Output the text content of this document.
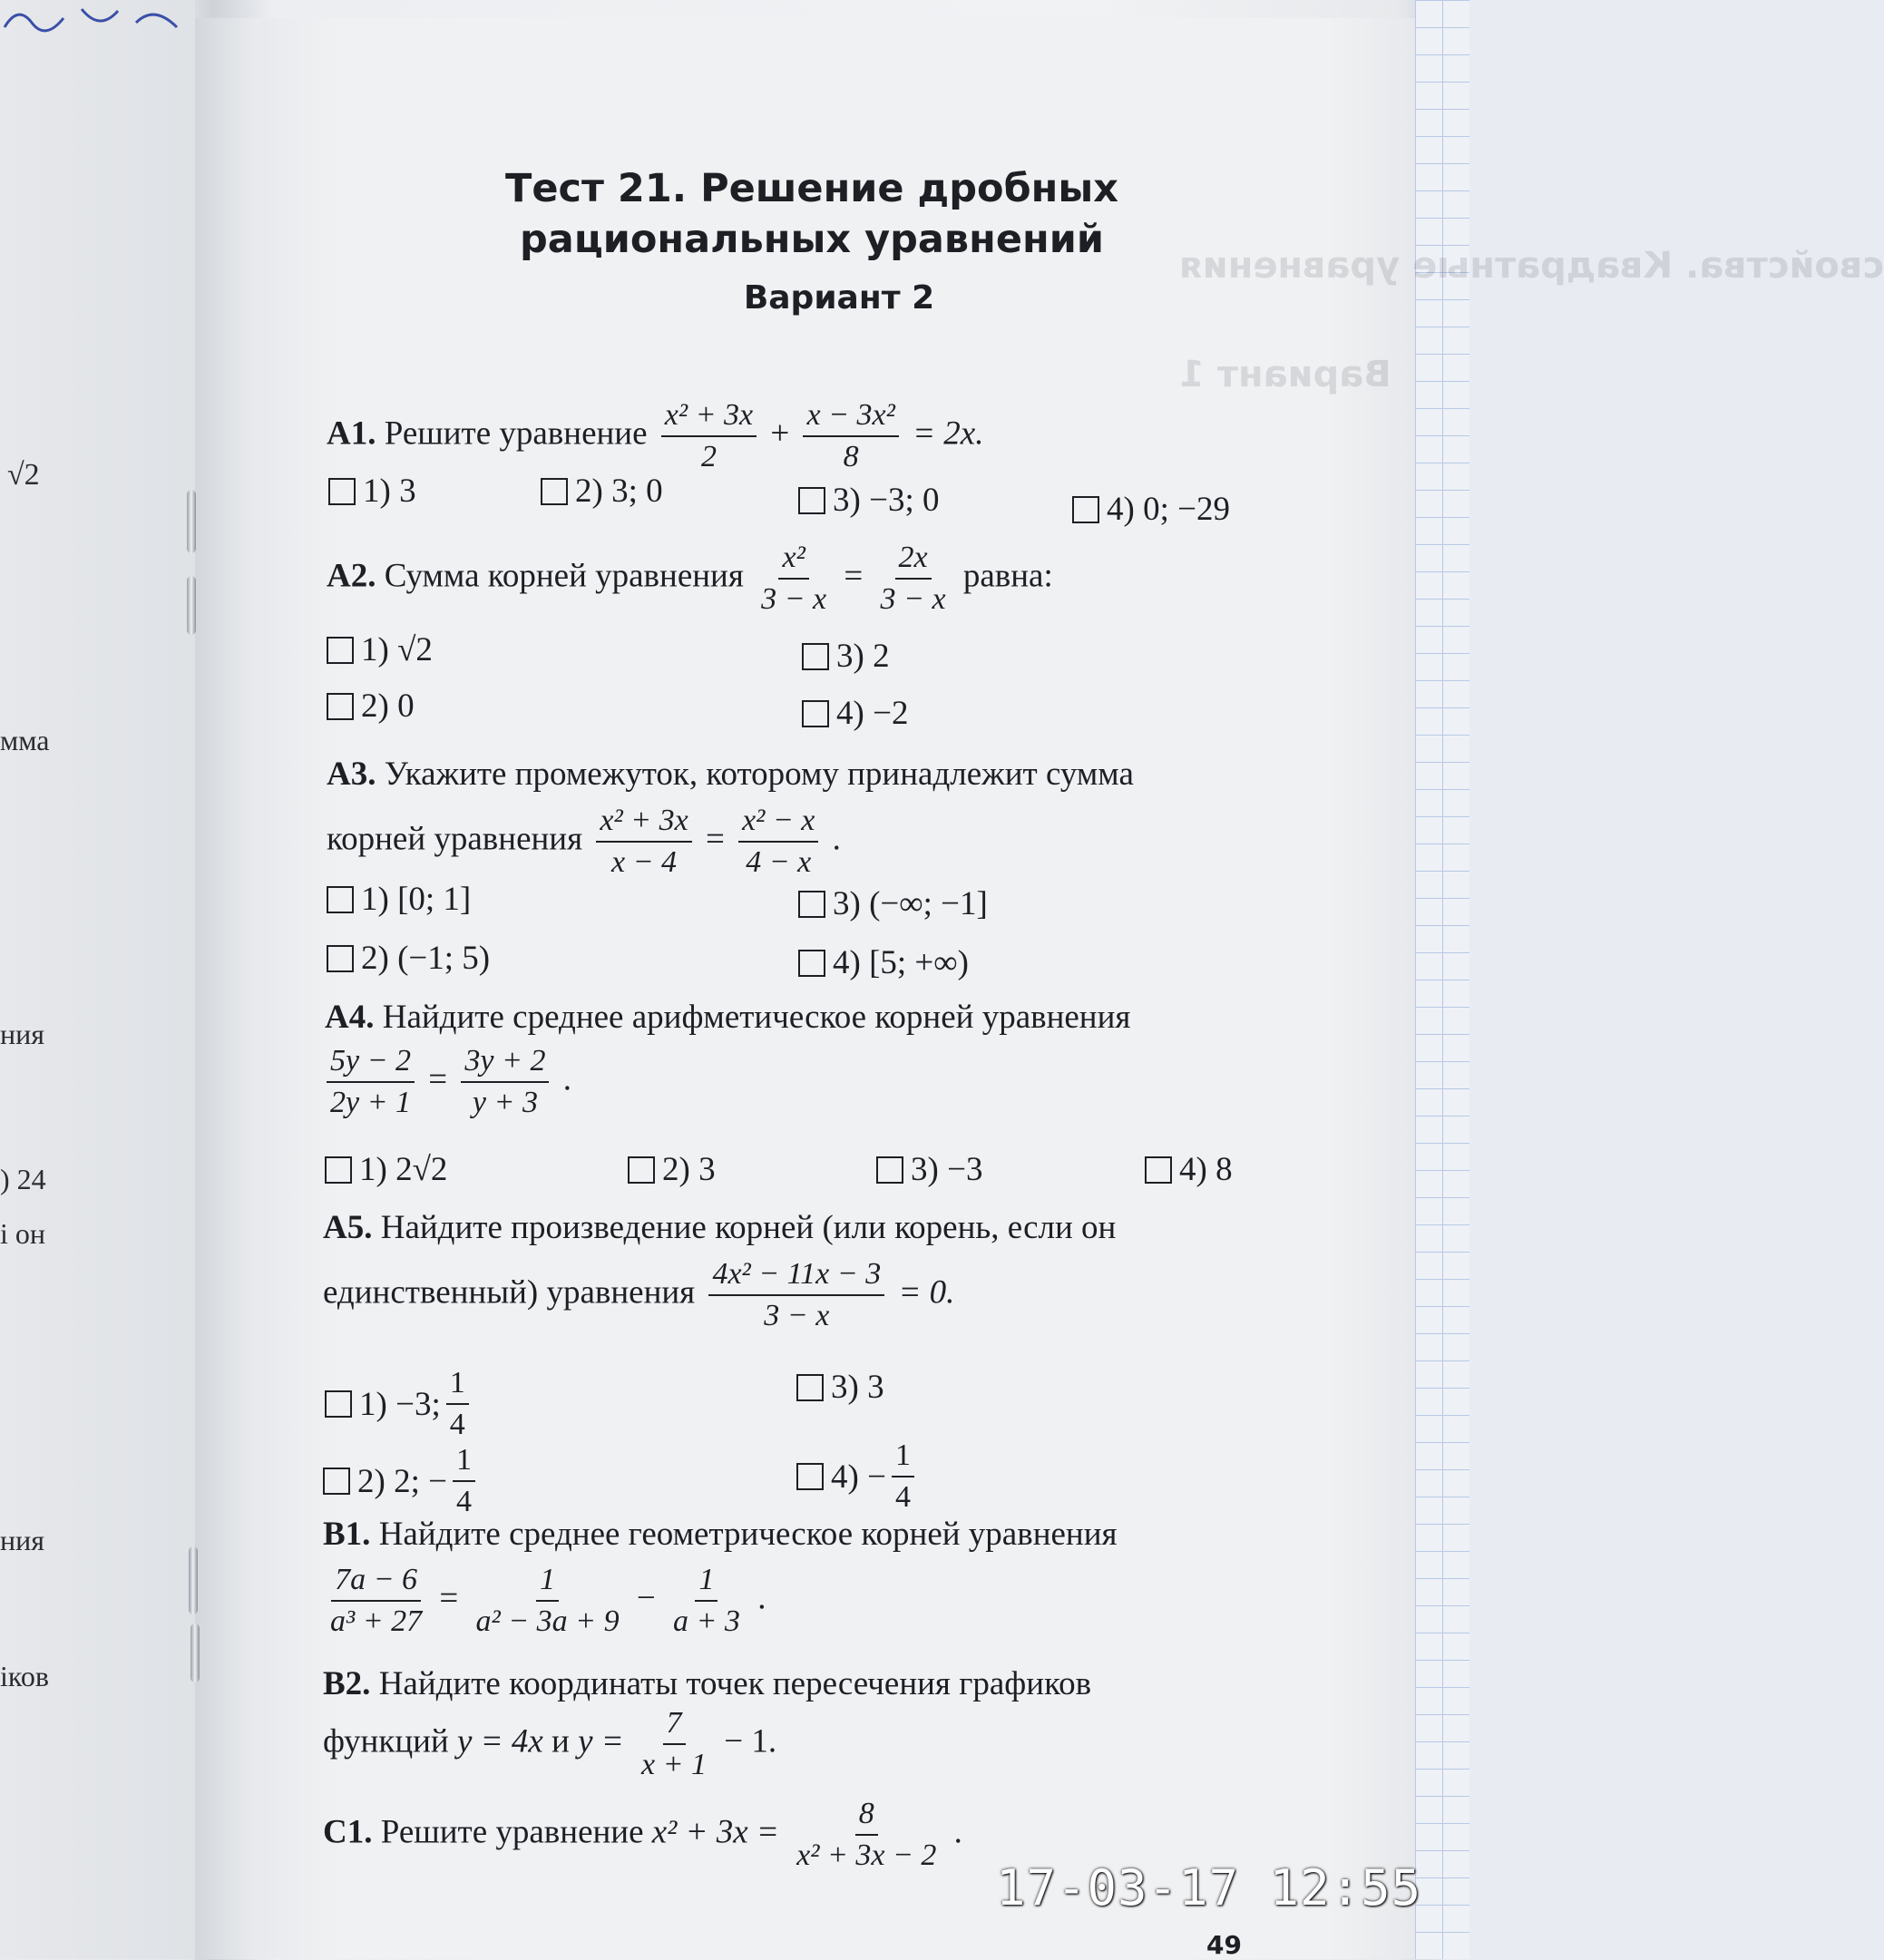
√2
мма
ния
) 24
і он
ния
іков
свойства. Квадратные уравнения
Вариант 1
Тест 21. Решение дробных
рациональных уравнений
Вариант 2
A1. Решите уравнение $\frac{\text{x² + 3x}}{2} + \frac{\text{x − 3x²}}{8} = 2x$.
1) 3	2) 3; 0	3) −3; 0	4) 0; −29
A2. Сумма корней уравнения $\frac{\text{x²}}{3 - x} = \frac{2x}{3 - x}$ равна:
1) √2	3) 2
2) 0	4) −2
A3. Укажите промежуток, которому принадлежит сумма
корней уравнения $\frac{\text{x² + 3x}}{x - 4} = \frac{\text{x² − x}}{4 - x}$ .
1) [0; 1]	3) (−∞; −1]
2) (−1; 5)	4) [5; +∞)
A4. Найдите среднее арифметическое корней уравнения
$\frac{5y - 2}{2y + 1} = \frac{3y + 2}{y + 3}$ .
1) 2√2	2) 3	3) −3	4) 8
A5. Найдите произведение корней (или корень, если он
единственный) уравнения $\frac{\text{4x² − 11x − 3}}{3 - x} = 0$.
1) −3; $\frac{1}{4}$	3) 3
2) 2; − $\frac{1}{4}$	$4) - \frac{1}{4}$
B1. Найдите среднее геометрическое корней уравнения
$\frac{7a - 6}{\text{a³ + 27}} = \frac{1}{\text{a² − 3a + 9}} - \frac{1}{a + 3}$ .
B2. Найдите координаты точек пересечения графиков
функций y = 4x и $y = \frac{7}{x + 1} - 1$.
C1. Решите уравнение $x^2 + 3x = \frac{8}{\text{x² + 3x − 2}}$ .
17-03-17 12:55
49
